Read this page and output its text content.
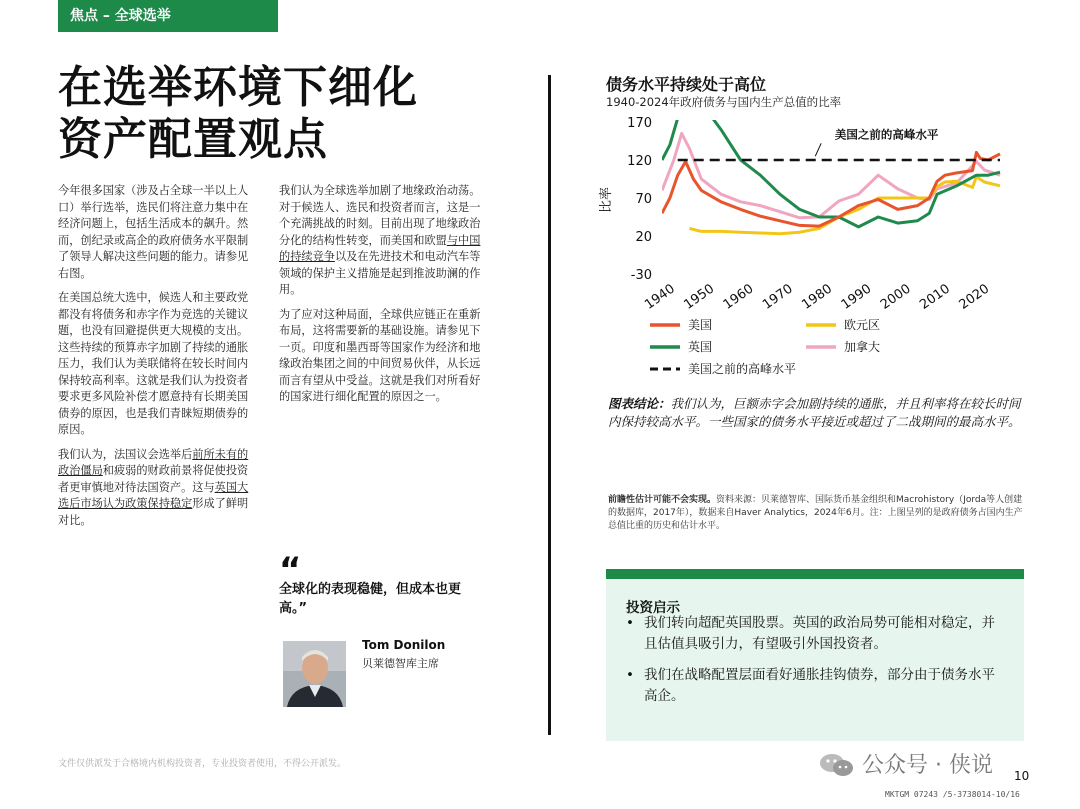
焦点 – 全球选举
在选举环境下细化
资产配置观点

今年很多国家（涉及占全球一半以上人口）举行选举，选民们将注意力集中在经济问题上，包括生活成本的飙升。然而，创纪录或高企的政府债务水平限制了领导人解决这些问题的能力。请参见右图。

在美国总统大选中，候选人和主要政党都没有将债务和赤字作为竞选的关键议题，也没有回避提供更大规模的支出。这些持续的预算赤字加剧了持续的通胀压力，我们认为美联储将在较长时间内保持较高利率。这就是我们认为投资者要求更多风险补偿才愿意持有长期美国债券的原因，也是我们青睐短期债券的原因。

我们认为，法国议会选举后前所未有的政治僵局和疲弱的财政前景将促使投资者更审慎地对待法国资产。这与英国大选后市场认为政策保持稳定形成了鲜明对比。

我们认为全球选举加剧了地缘政治动荡。对于候选人、选民和投资者而言，这是一个充满挑战的时刻。目前出现了地缘政治分化的结构性转变，而美国和欧盟与中国的持续竞争以及在先进技术和电动汽车等领域的保护主义措施是起到推波助澜的作用。

为了应对这种局面，全球供应链正在重新布局，这将需要新的基础设施。请参见下一页。印度和墨西哥等国家作为经济和地缘政治集团之间的中间贸易伙伴，从长远而言有望从中受益。这就是我们对所看好的国家进行细化配置的原因之一。

“
全球化的表现稳健，但成本也更高。”
Tom Donilon
贝莱德智库主席
债务水平持续处于高位
1940-2024年政府债务与国内生产总值的比率
170
120
70
20
-30
比率
美国之前的高峰水平
1940 1950 1960 1970 1980 1990 2000 2010 2020
美国	欧元区
英国	加拿大
美国之前的高峰水平
图表结论：我们认为，巨额赤字会加剧持续的通胀，并且利率将在较长时间内保持较高水平。一些国家的债务水平接近或超过了二战期间的最高水平。
前瞻性估计可能不会实现。资料来源：贝莱德智库、国际货币基金组织和Macrohistory（Jorda等人创建的数据库，2017年），数据来自Haver Analytics，2024年6月。注：上图呈列的是政府债务占国内生产总值比重的历史和估计水平。
投资启示
• 我们转向超配英国股票。英国的政治局势可能相对稳定，并且估值具吸引力，有望吸引外国投资者。
• 我们在战略配置层面看好通胀挂钩债券，部分由于债务水平高企。
文件仅供派发于合格境内机构投资者，专业投资者使用，不得公开派发。	公众号 · 侠说 10
MKTGM 07243 /5-3738014-10/16
